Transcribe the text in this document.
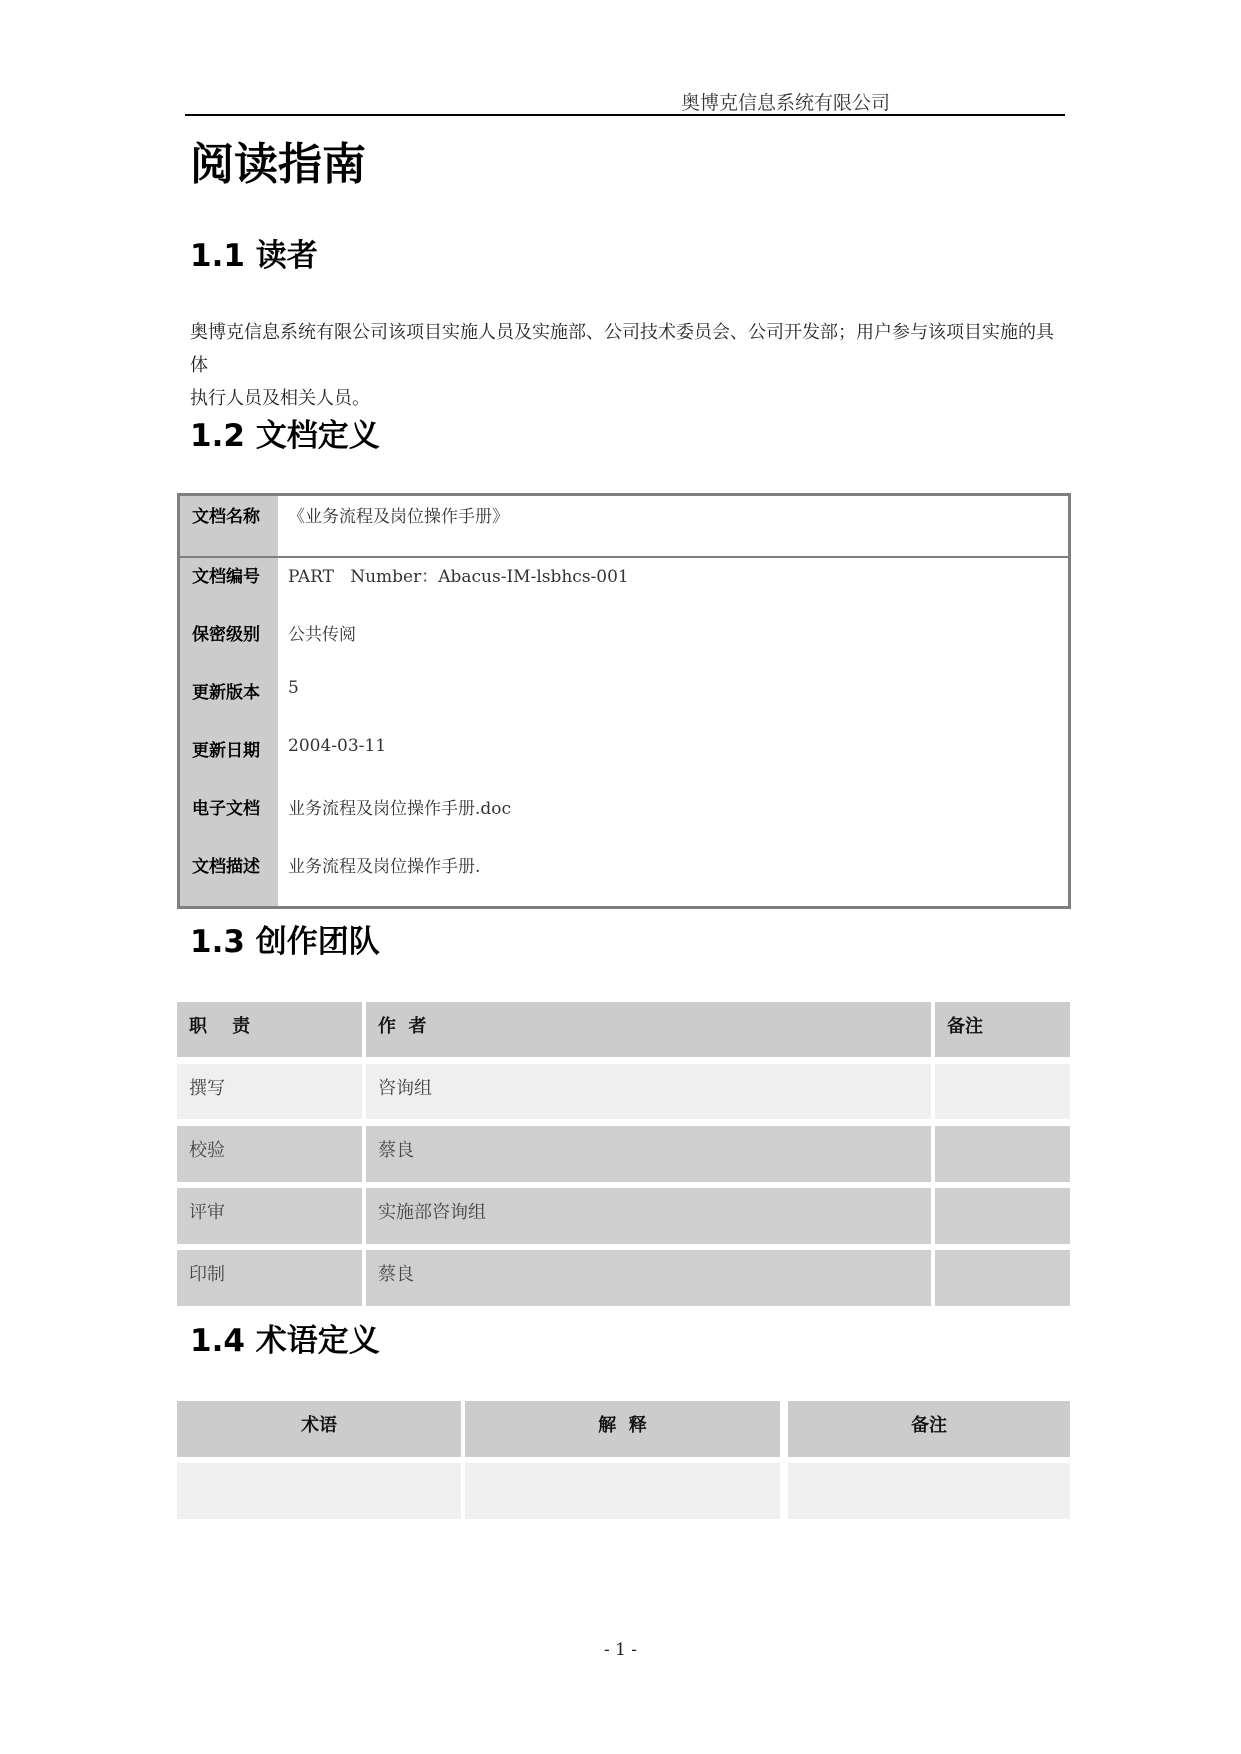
奥博克信息系统有限公司
阅读指南
1.1 读者

奥博克信息系统有限公司该项目实施人员及实施部、公司技术委员会、公司开发部；用户参与该项目实施的具体

执行人员及相关人员。

1.2 文档定义
文档名称 《业务流程及岗位操作手册》
文档编号 PART   Number：Abacus-IM-lsbhcs-001
保密级别 公共传阅
更新版本 5
更新日期 2004-03-11
电子文档 业务流程及岗位操作手册.doc
文档描述 业务流程及岗位操作手册.
1.3 创作团队
职    责	作  者	备注
撰写	咨询组
校验	蔡良
评审	实施部咨询组
印制	蔡良
1.4 术语定义
术语	解  释	备注
- 1 -
